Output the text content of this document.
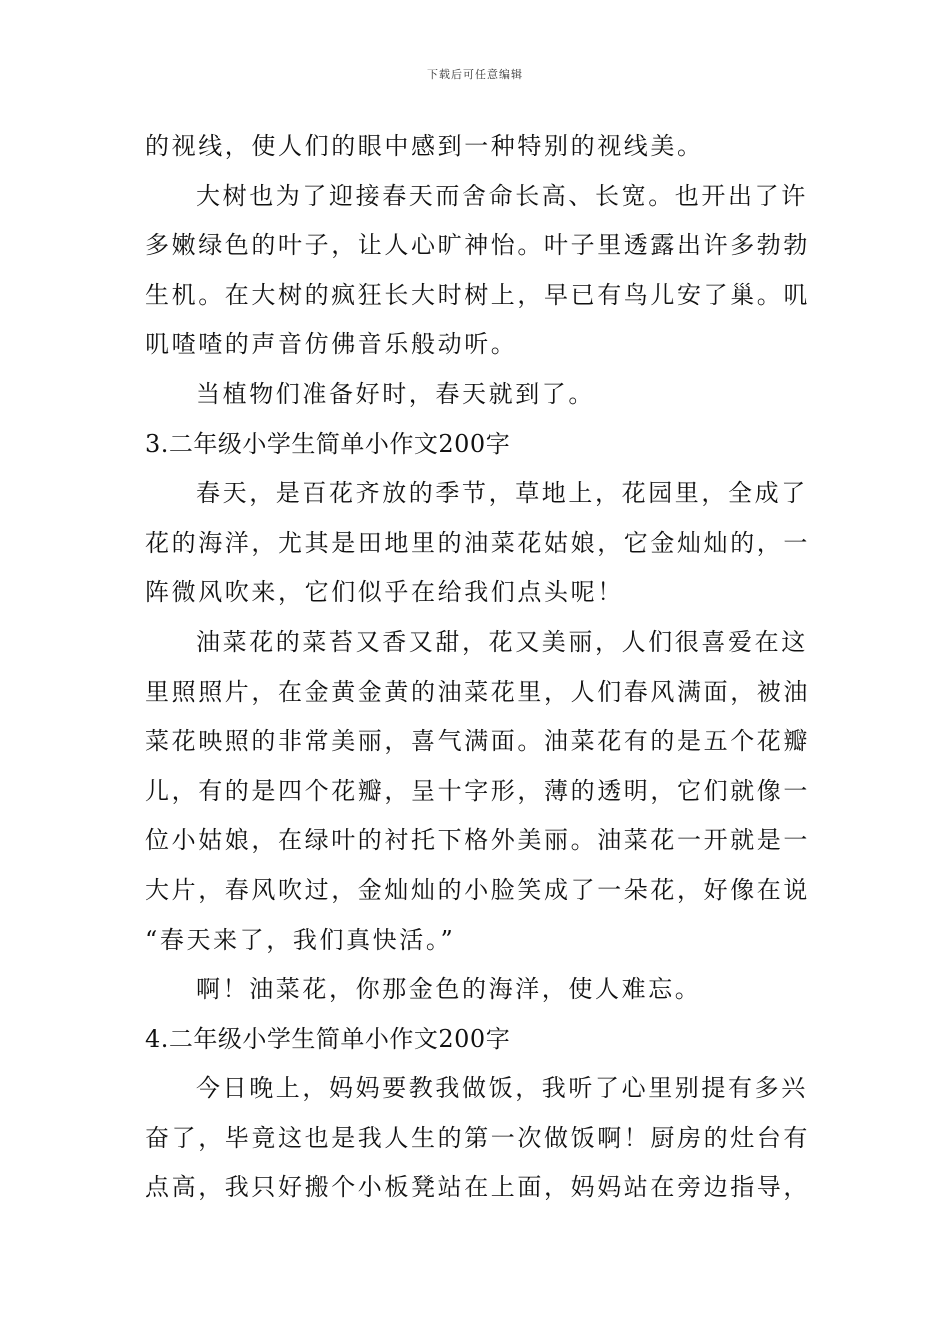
下载后可任意编辑
的视线，使人们的眼中感到一种特别的视线美。
大树也为了迎接春天而舍命长高、长宽。也开出了许
多嫩绿色的叶子，让人心旷神怡。叶子里透露出许多勃勃
生机。在大树的疯狂长大时树上，早已有鸟儿安了巢。叽
叽喳喳的声音仿佛音乐般动听。
当植物们准备好时，春天就到了。
3.二年级小学生简单小作文200字
春天，是百花齐放的季节，草地上，花园里，全成了
花的海洋，尤其是田地里的油菜花姑娘，它金灿灿的，一
阵微风吹来，它们似乎在给我们点头呢！
油菜花的菜苔又香又甜，花又美丽，人们很喜爱在这
里照照片，在金黄金黄的油菜花里，人们春风满面，被油
菜花映照的非常美丽，喜气满面。油菜花有的是五个花瓣
儿，有的是四个花瓣，呈十字形，薄的透明，它们就像一
位小姑娘，在绿叶的衬托下格外美丽。油菜花一开就是一
大片，春风吹过，金灿灿的小脸笑成了一朵花，好像在说
“春天来了，我们真快活。”
啊！油菜花，你那金色的海洋，使人难忘。
4.二年级小学生简单小作文200字
今日晚上，妈妈要教我做饭，我听了心里别提有多兴
奋了，毕竟这也是我人生的第一次做饭啊！厨房的灶台有
点高，我只好搬个小板凳站在上面，妈妈站在旁边指导，
